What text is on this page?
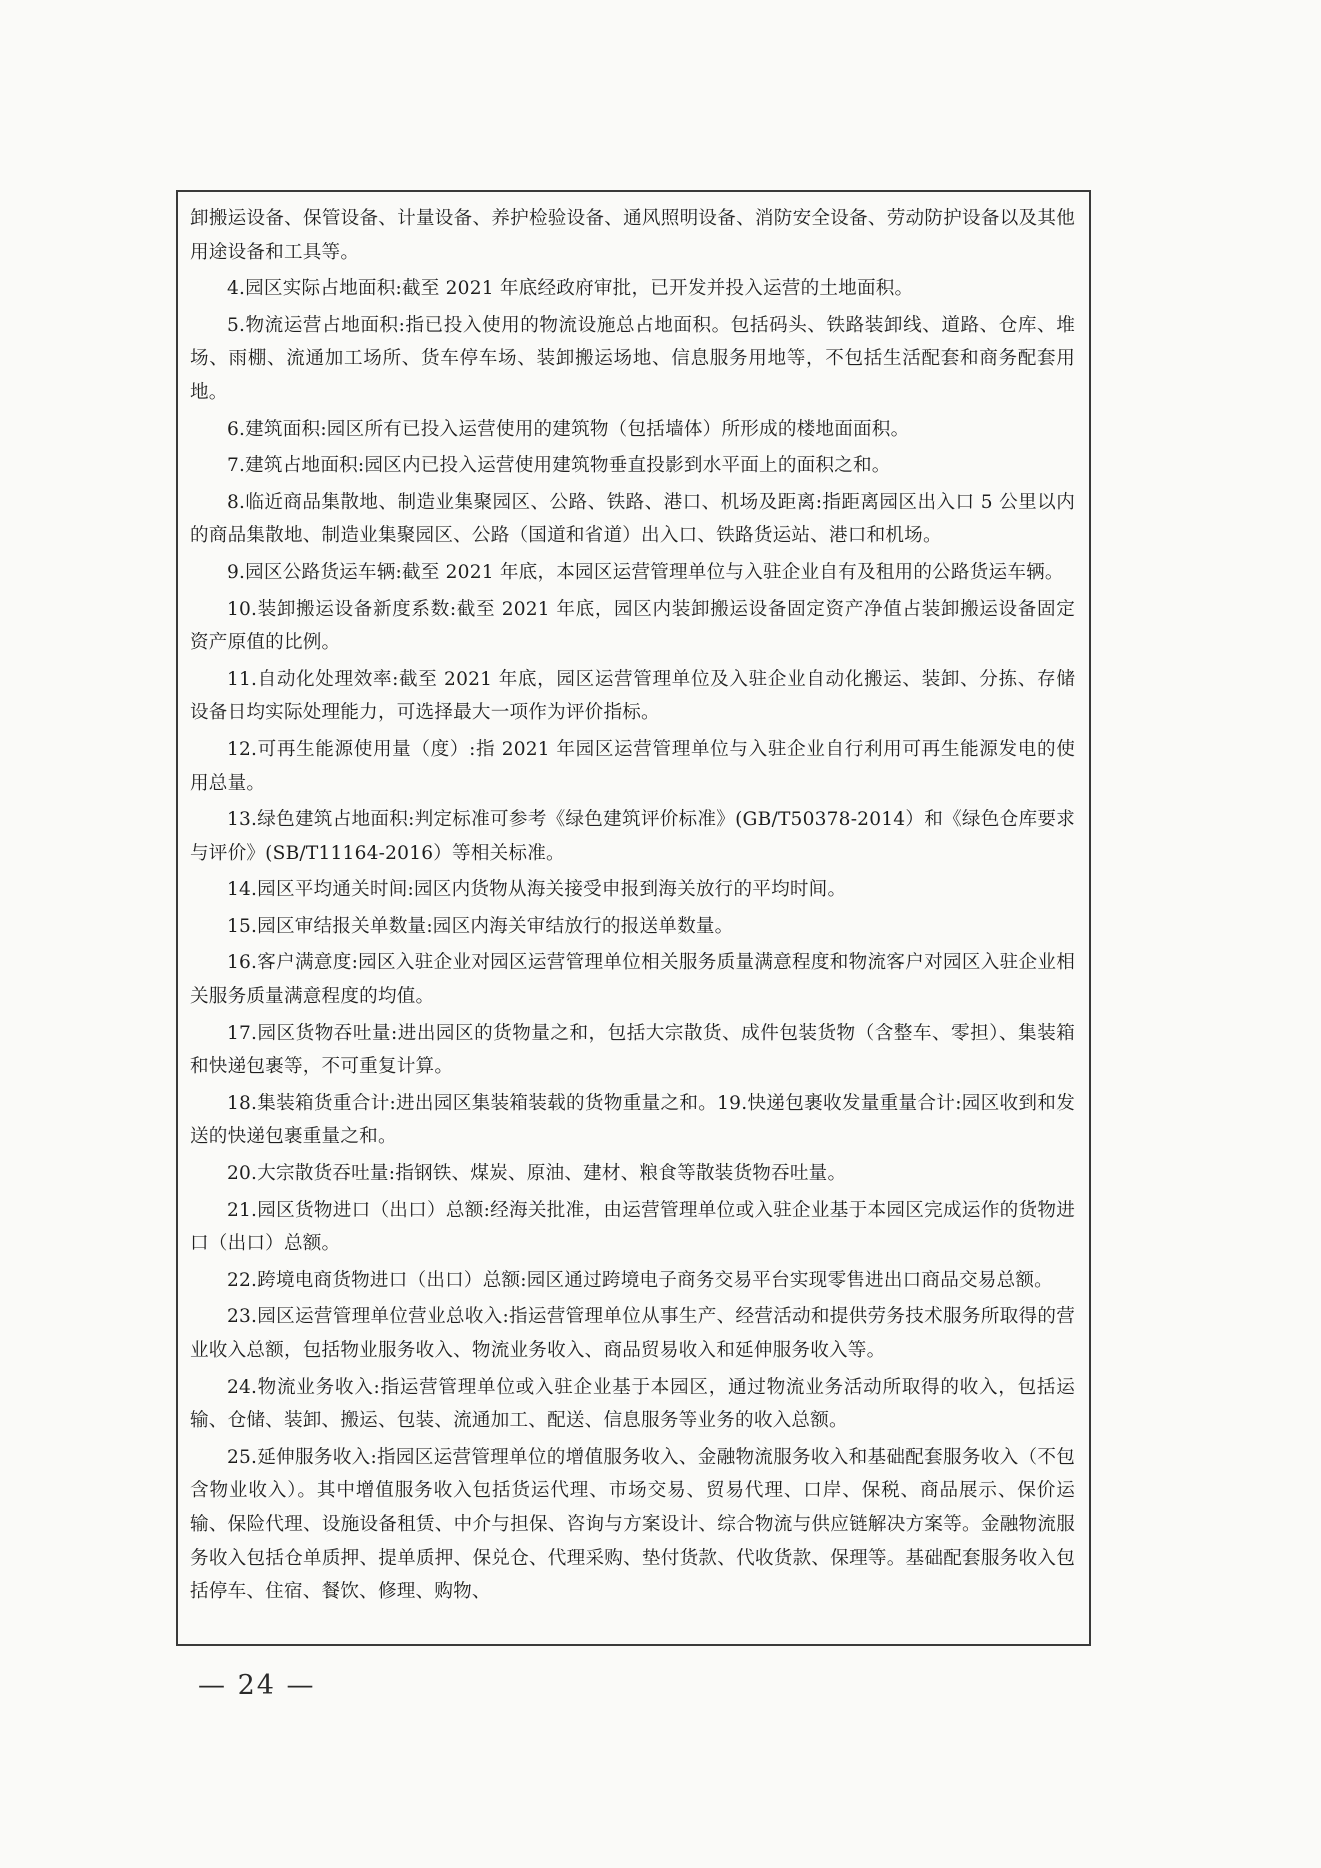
卸搬运设备、保管设备、计量设备、养护检验设备、通风照明设备、消防安全设备、劳动防护设备以及其他用途设备和工具等。

4.园区实际占地面积:截至 2021 年底经政府审批，已开发并投入运营的土地面积。

5.物流运营占地面积:指已投入使用的物流设施总占地面积。包括码头、铁路装卸线、道路、仓库、堆场、雨棚、流通加工场所、货车停车场、装卸搬运场地、信息服务用地等，不包括生活配套和商务配套用地。

6.建筑面积:园区所有已投入运营使用的建筑物（包括墙体）所形成的楼地面面积。

7.建筑占地面积:园区内已投入运营使用建筑物垂直投影到水平面上的面积之和。

8.临近商品集散地、制造业集聚园区、公路、铁路、港口、机场及距离:指距离园区出入口 5 公里以内的商品集散地、制造业集聚园区、公路（国道和省道）出入口、铁路货运站、港口和机场。

9.园区公路货运车辆:截至 2021 年底，本园区运营管理单位与入驻企业自有及租用的公路货运车辆。

10.装卸搬运设备新度系数:截至 2021 年底，园区内装卸搬运设备固定资产净值占装卸搬运设备固定资产原值的比例。

11.自动化处理效率:截至 2021 年底，园区运营管理单位及入驻企业自动化搬运、装卸、分拣、存储设备日均实际处理能力，可选择最大一项作为评价指标。

12.可再生能源使用量（度）:指 2021 年园区运营管理单位与入驻企业自行利用可再生能源发电的使用总量。

13.绿色建筑占地面积:判定标准可参考《绿色建筑评价标准》(GB/T50378-2014）和《绿色仓库要求与评价》(SB/T11164-2016）等相关标准。

14.园区平均通关时间:园区内货物从海关接受申报到海关放行的平均时间。

15.园区审结报关单数量:园区内海关审结放行的报送单数量。

16.客户满意度:园区入驻企业对园区运营管理单位相关服务质量满意程度和物流客户对园区入驻企业相关服务质量满意程度的均值。

17.园区货物吞吐量:进出园区的货物量之和，包括大宗散货、成件包装货物（含整车、零担）、集装箱和快递包裹等，不可重复计算。

18.集装箱货重合计:进出园区集装箱装载的货物重量之和。19.快递包裹收发量重量合计:园区收到和发送的快递包裹重量之和。

20.大宗散货吞吐量:指钢铁、煤炭、原油、建材、粮食等散装货物吞吐量。

21.园区货物进口（出口）总额:经海关批准，由运营管理单位或入驻企业基于本园区完成运作的货物进口（出口）总额。

22.跨境电商货物进口（出口）总额:园区通过跨境电子商务交易平台实现零售进出口商品交易总额。

23.园区运营管理单位营业总收入:指运营管理单位从事生产、经营活动和提供劳务技术服务所取得的营业收入总额，包括物业服务收入、物流业务收入、商品贸易收入和延伸服务收入等。

24.物流业务收入:指运营管理单位或入驻企业基于本园区，通过物流业务活动所取得的收入，包括运输、仓储、装卸、搬运、包装、流通加工、配送、信息服务等业务的收入总额。

25.延伸服务收入:指园区运营管理单位的增值服务收入、金融物流服务收入和基础配套服务收入（不包含物业收入）。其中增值服务收入包括货运代理、市场交易、贸易代理、口岸、保税、商品展示、保价运输、保险代理、设施设备租赁、中介与担保、咨询与方案设计、综合物流与供应链解决方案等。金融物流服务收入包括仓单质押、提单质押、保兑仓、代理采购、垫付货款、代收货款、保理等。基础配套服务收入包括停车、住宿、餐饮、修理、购物、

— 24 —
